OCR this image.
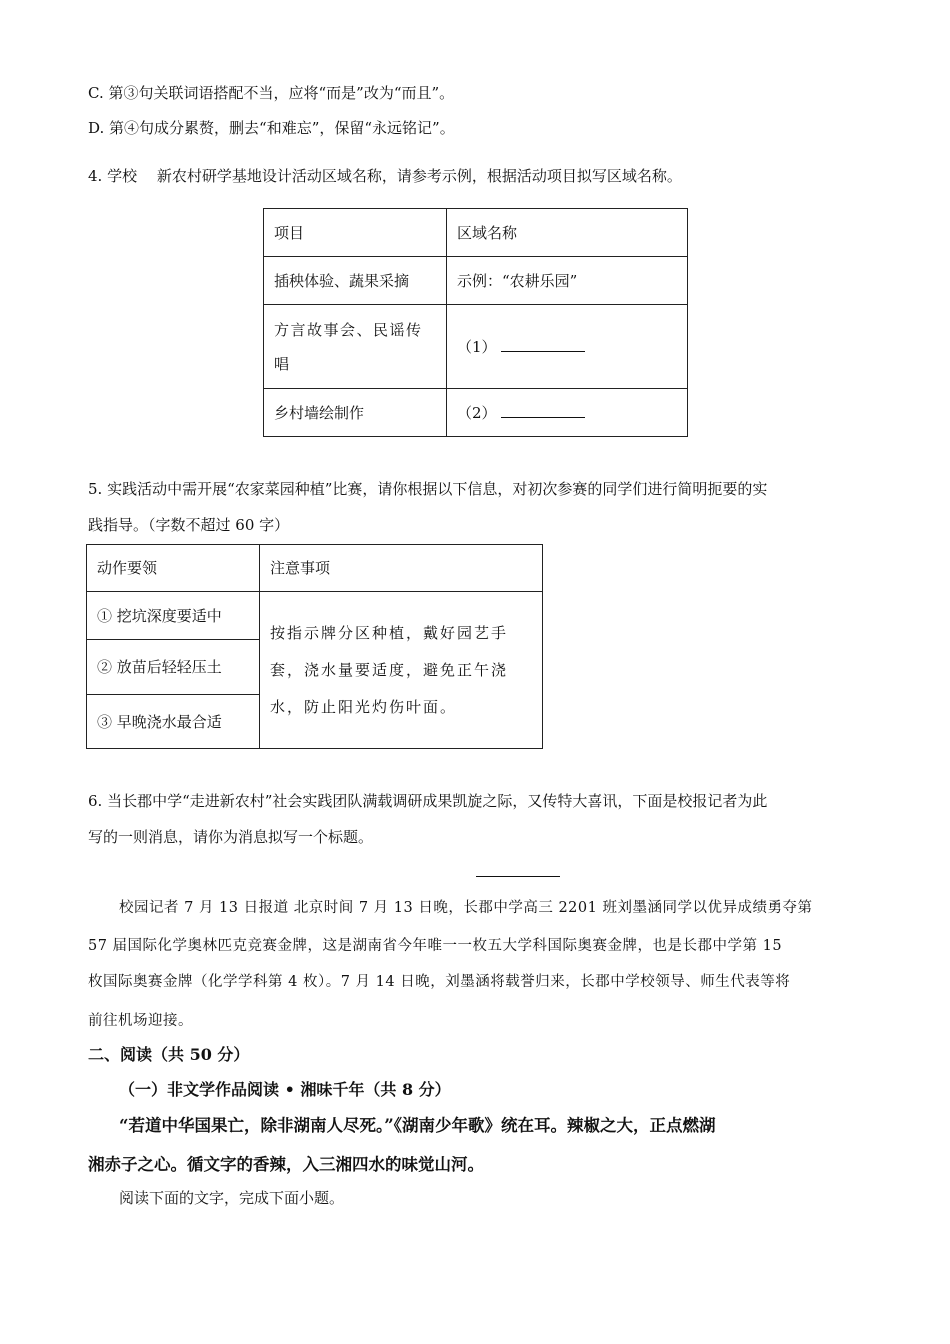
C. 第③句关联词语搭配不当，应将“而是”改为“而且”。
D. 第④句成分累赘，删去“和难忘”，保留“永远铭记”。
4. 学校　 新农村研学基地设计活动区域名称，请参考示例，根据活动项目拟写区域名称。
项目	区域名称
插秧体验、蔬果采摘	示例：“农耕乐园”

方言故事会、民谣传
唱	（1）
乡村墙绘制作	（2）
5. 实践活动中需开展“农家菜园种植”比赛，请你根据以下信息，对初次参赛的同学们进行简明扼要的实
践指导。（字数不超过 60 字）
动作要领	注意事项
① 挖坑深度要适中	按指示牌分区种植，戴好园艺手
套，浇水量要适度，避免正午浇
水，防止阳光灼伤叶面。

② 放苗后轻轻压土	
③ 早晚浇水最合适	
6. 当长郡中学“走进新农村”社会实践团队满载调研成果凯旋之际，又传特大喜讯，下面是校报记者为此
写的一则消息，请你为消息拟写一个标题。
校园记者 7 月 13 日报道 北京时间 7 月 13 日晚，长郡中学高三 2201 班刘墨涵同学以优异成绩勇夺第
57 届国际化学奥林匹克竞赛金牌，这是湖南省今年唯一一枚五大学科国际奥赛金牌，也是长郡中学第 15
枚国际奥赛金牌（化学学科第 4 枚）。7 月 14 日晚，刘墨涵将载誉归来，长郡中学校领导、师生代表等将
前往机场迎接。
二、阅读（共 50 分）
（一）非文学作品阅读 • 湘味千年（共 8 分）
“若道中华国果亡，除非湖南人尽死。”《湖南少年歌》统在耳。辣椒之大，正点燃湖
湘赤子之心。循文字的香辣，入三湘四水的味觉山河。
阅读下面的文字，完成下面小题。
